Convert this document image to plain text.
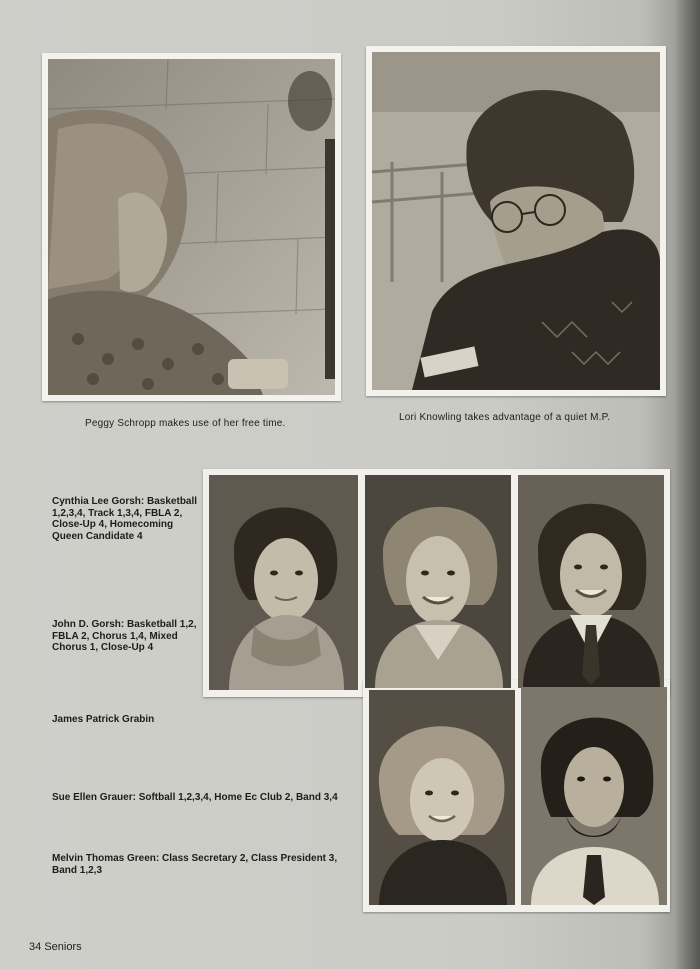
Peggy Schropp makes use of her free time.
Lori Knowling takes advantage of a quiet M.P.
Cynthia Lee Gorsh: Basketball 1,2,3,4, Track 1,3,4, FBLA 2, Close-Up 4, Homecoming Queen Candidate 4
John D. Gorsh: Basketball 1,2, FBLA 2, Chorus 1,4, Mixed Chorus 1, Close-Up 4
James Patrick Grabin
Sue Ellen Grauer: Softball 1,2,3,4, Home Ec Club 2, Band 3,4
Melvin Thomas Green: Class Secretary 2, Class President 3, Band 1,2,3
34 Seniors
